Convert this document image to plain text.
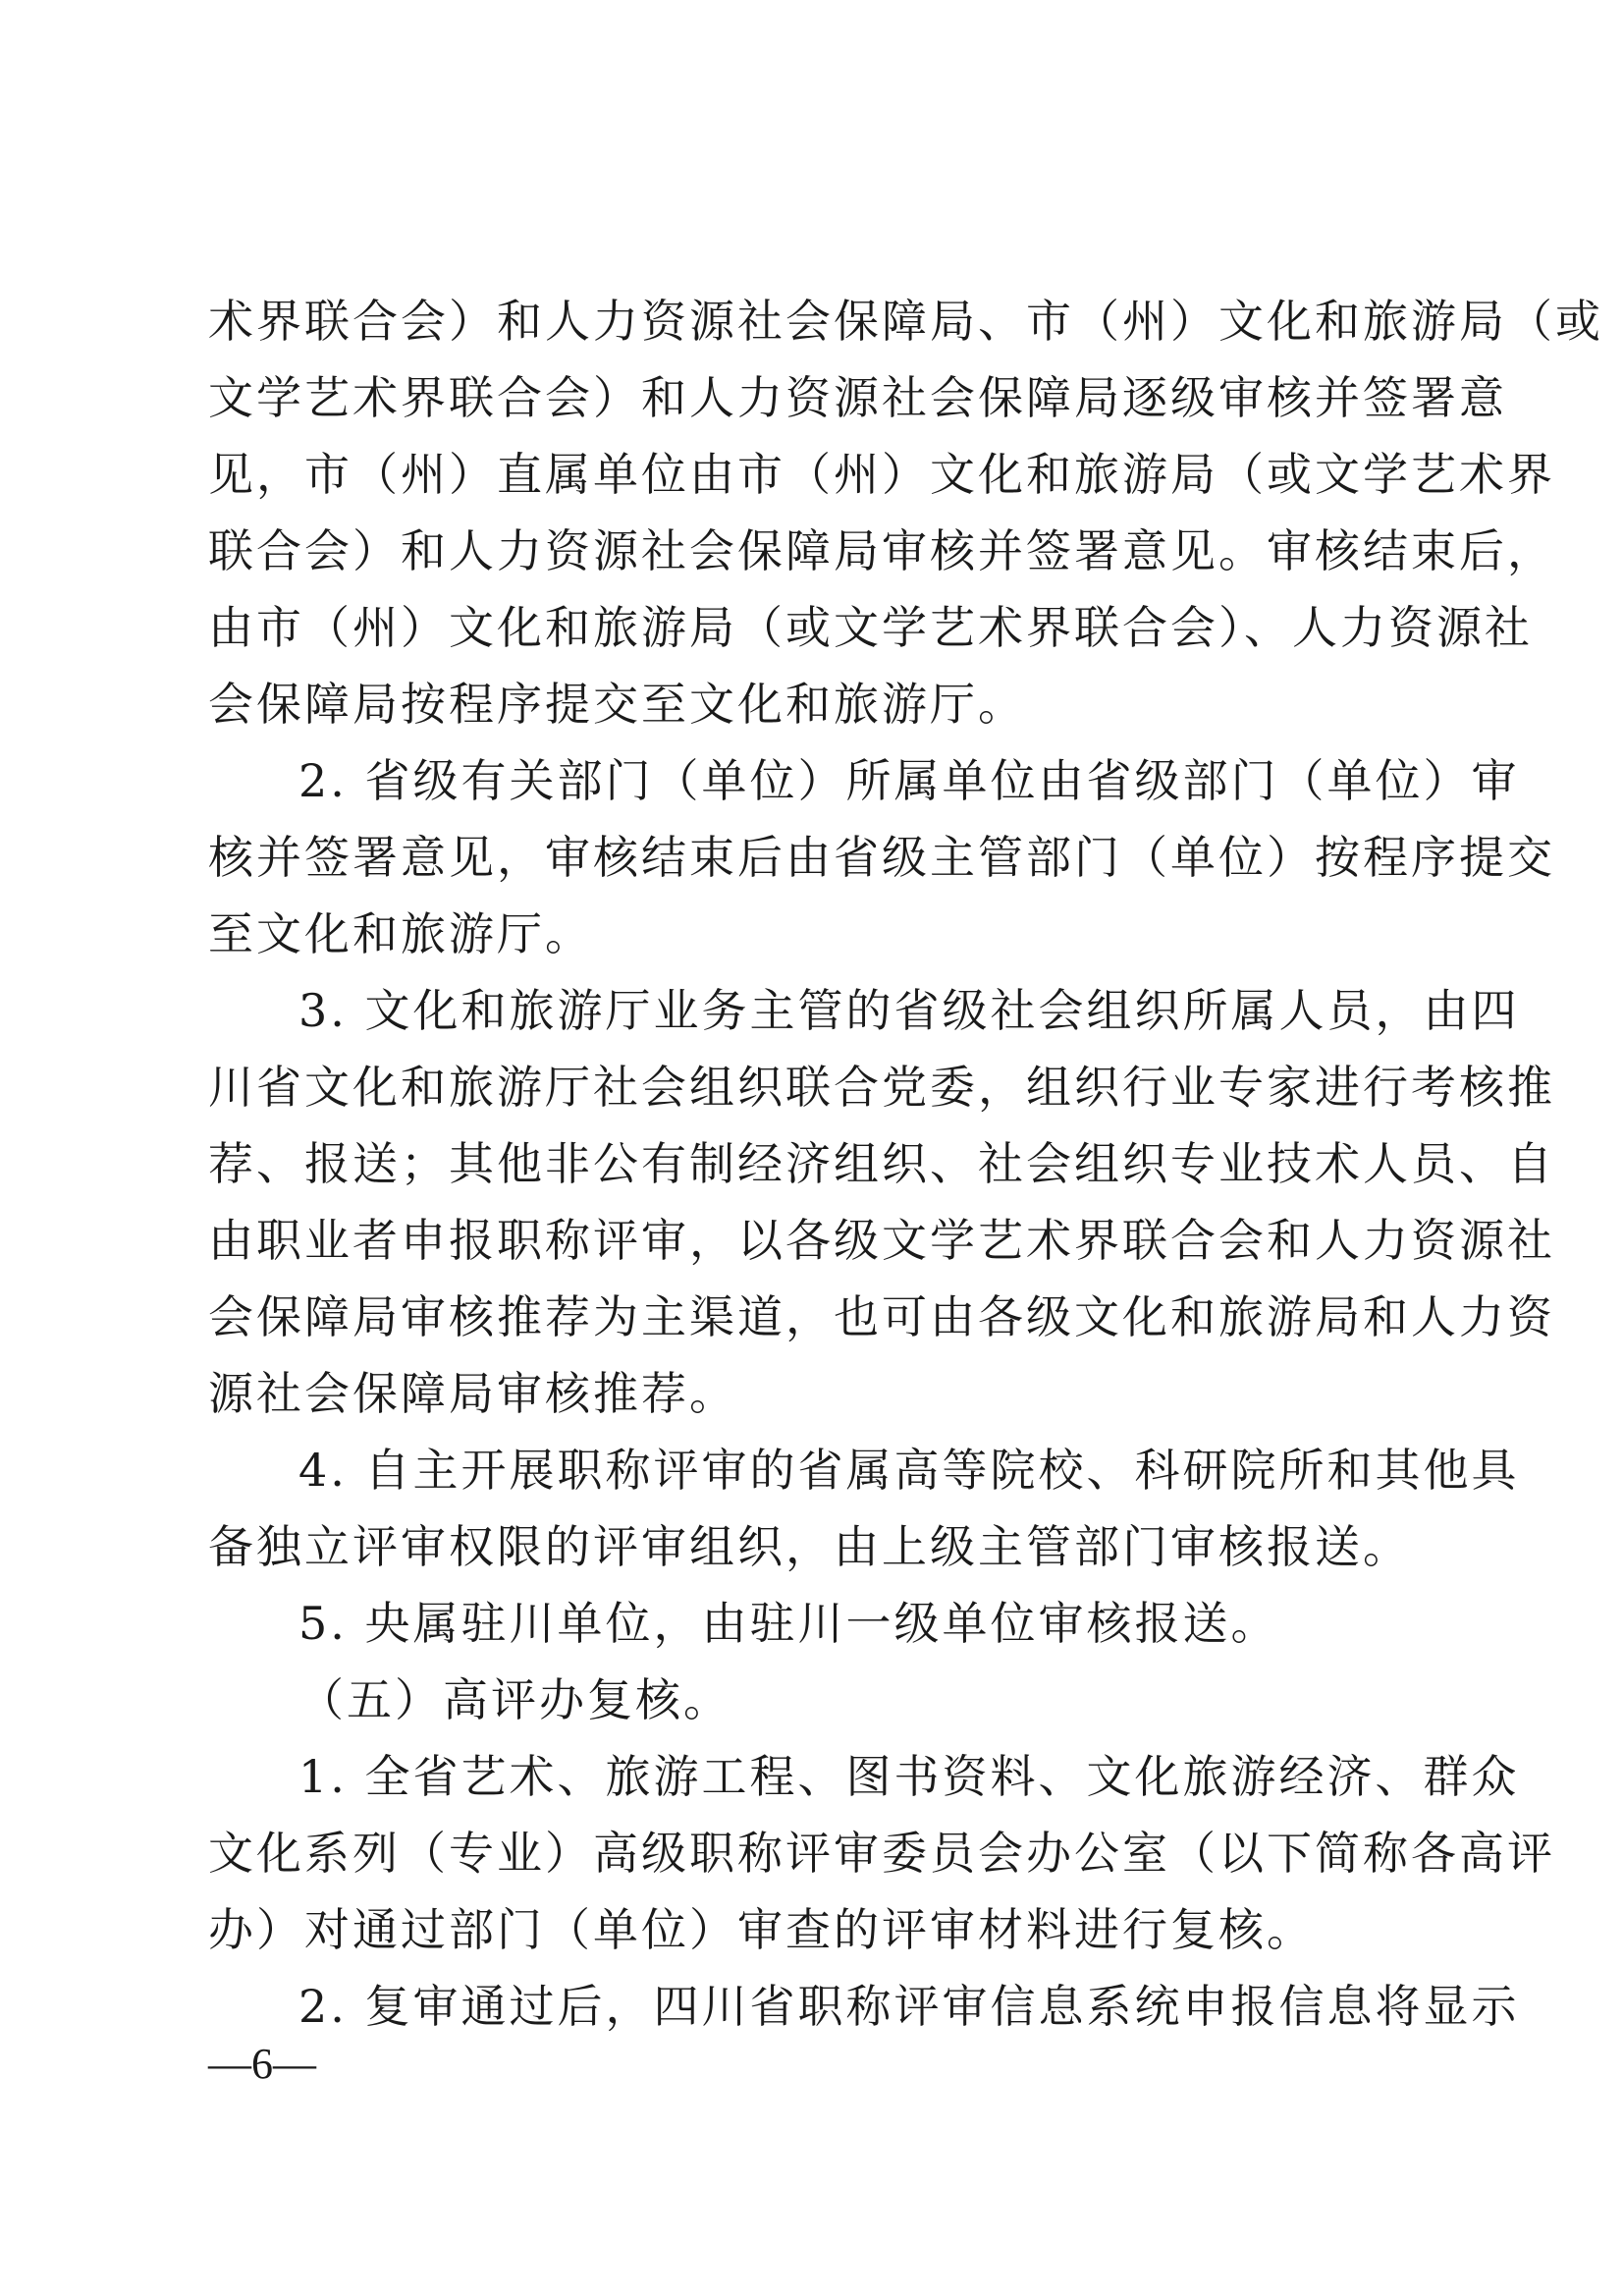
术界联合会）和人力资源社会保障局、市（州）文化和旅游局（或
文学艺术界联合会）和人力资源社会保障局逐级审核并签署意
见，市（州）直属单位由市（州）文化和旅游局（或文学艺术界
联合会）和人力资源社会保障局审核并签署意见。审核结束后，
由市（州）文化和旅游局（或文学艺术界联合会）、人力资源社
会保障局按程序提交至文化和旅游厅。
2. 省级有关部门（单位）所属单位由省级部门（单位）审
核并签署意见，审核结束后由省级主管部门（单位）按程序提交
至文化和旅游厅。
3. 文化和旅游厅业务主管的省级社会组织所属人员，由四
川省文化和旅游厅社会组织联合党委，组织行业专家进行考核推
荐、报送；其他非公有制经济组织、社会组织专业技术人员、自
由职业者申报职称评审，以各级文学艺术界联合会和人力资源社
会保障局审核推荐为主渠道，也可由各级文化和旅游局和人力资
源社会保障局审核推荐。
4. 自主开展职称评审的省属高等院校、科研院所和其他具
备独立评审权限的评审组织，由上级主管部门审核报送。
5. 央属驻川单位，由驻川一级单位审核报送。
（五）高评办复核。
1. 全省艺术、旅游工程、图书资料、文化旅游经济、群众
文化系列（专业）高级职称评审委员会办公室（以下简称各高评
办）对通过部门（单位）审查的评审材料进行复核。
2. 复审通过后，四川省职称评审信息系统申报信息将显示
—6—
